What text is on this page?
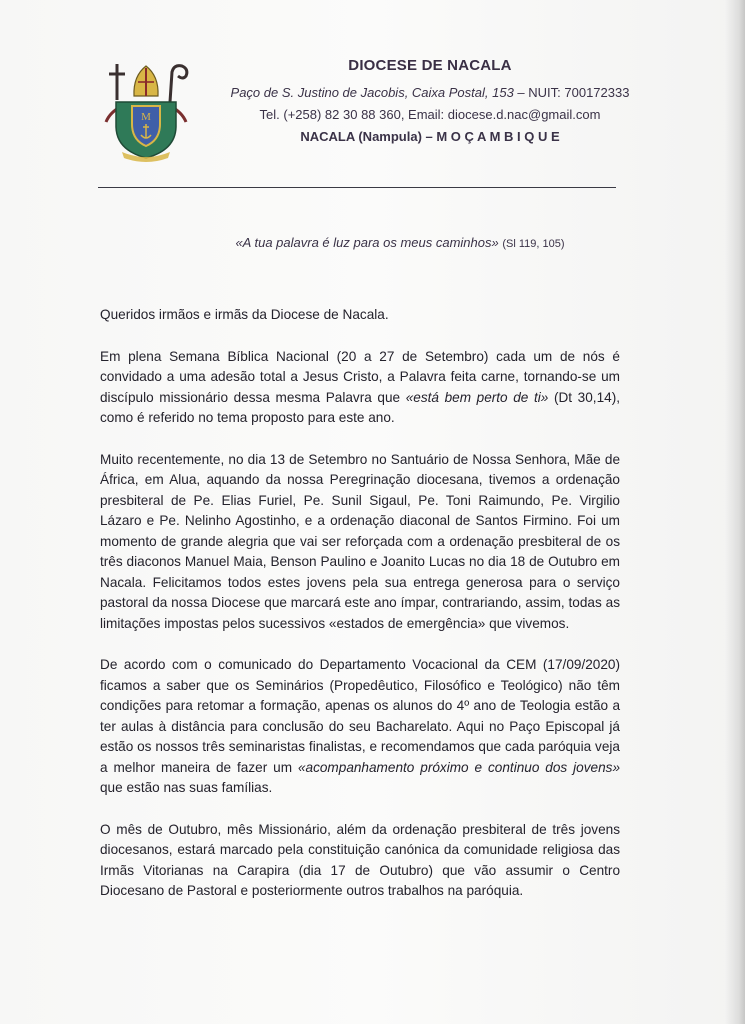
M
DIOCESE DE NACALA
Paço de S. Justino de Jacobis, Caixa Postal, 153 – NUIT: 700172333
Tel. (+258) 82 30 88 360, Email: diocese.d.nac@gmail.com
NACALA (Nampula) – M O Ç A M B I Q U E
«A tua palavra é luz para os meus caminhos» (Sl 119, 105)

Queridos irmãos e irmãs da Diocese de Nacala.

Em plena Semana Bíblica Nacional (20 a 27 de Setembro) cada um de nós é convidado a uma adesão total a Jesus Cristo, a Palavra feita carne, tornando-se um discípulo missionário dessa mesma Palavra que «está bem perto de ti» (Dt 30,14), como é referido no tema proposto para este ano.

Muito recentemente, no dia 13 de Setembro no Santuário de Nossa Senhora, Mãe de África, em Alua, aquando da nossa Peregrinação diocesana, tivemos a ordenação presbiteral de Pe. Elias Furiel, Pe. Sunil Sigaul, Pe. Toni Raimundo, Pe. Virgilio Lázaro e Pe. Nelinho Agostinho, e a ordenação diaconal de Santos Firmino. Foi um momento de grande alegria que vai ser reforçada com a ordenação presbiteral de os três diaconos Manuel Maia, Benson Paulino e Joanito Lucas no dia 18 de Outubro em Nacala. Felicitamos todos estes jovens pela sua entrega generosa para o serviço pastoral da nossa Diocese que marcará este ano ímpar, contrariando, assim, todas as limitações impostas pelos sucessivos «estados de emergência» que vivemos.

De acordo com o comunicado do Departamento Vocacional da CEM (17/09/2020) ficamos a saber que os Seminários (Propedêutico, Filosófico e Teológico) não têm condições para retomar a formação, apenas os alunos do 4º ano de Teologia estão a ter aulas à distância para conclusão do seu Bacharelato. Aqui no Paço Episcopal já estão os nossos três seminaristas finalistas, e recomendamos que cada paróquia veja a melhor maneira de fazer um «acompanhamento próximo e continuo dos jovens» que estão nas suas famílias.

O mês de Outubro, mês Missionário, além da ordenação presbiteral de três jovens diocesanos, estará marcado pela constituição canónica da comunidade religiosa das Irmãs Vitorianas na Carapira (dia 17 de Outubro) que vão assumir o Centro Diocesano de Pastoral e posteriormente outros trabalhos na paróquia.
